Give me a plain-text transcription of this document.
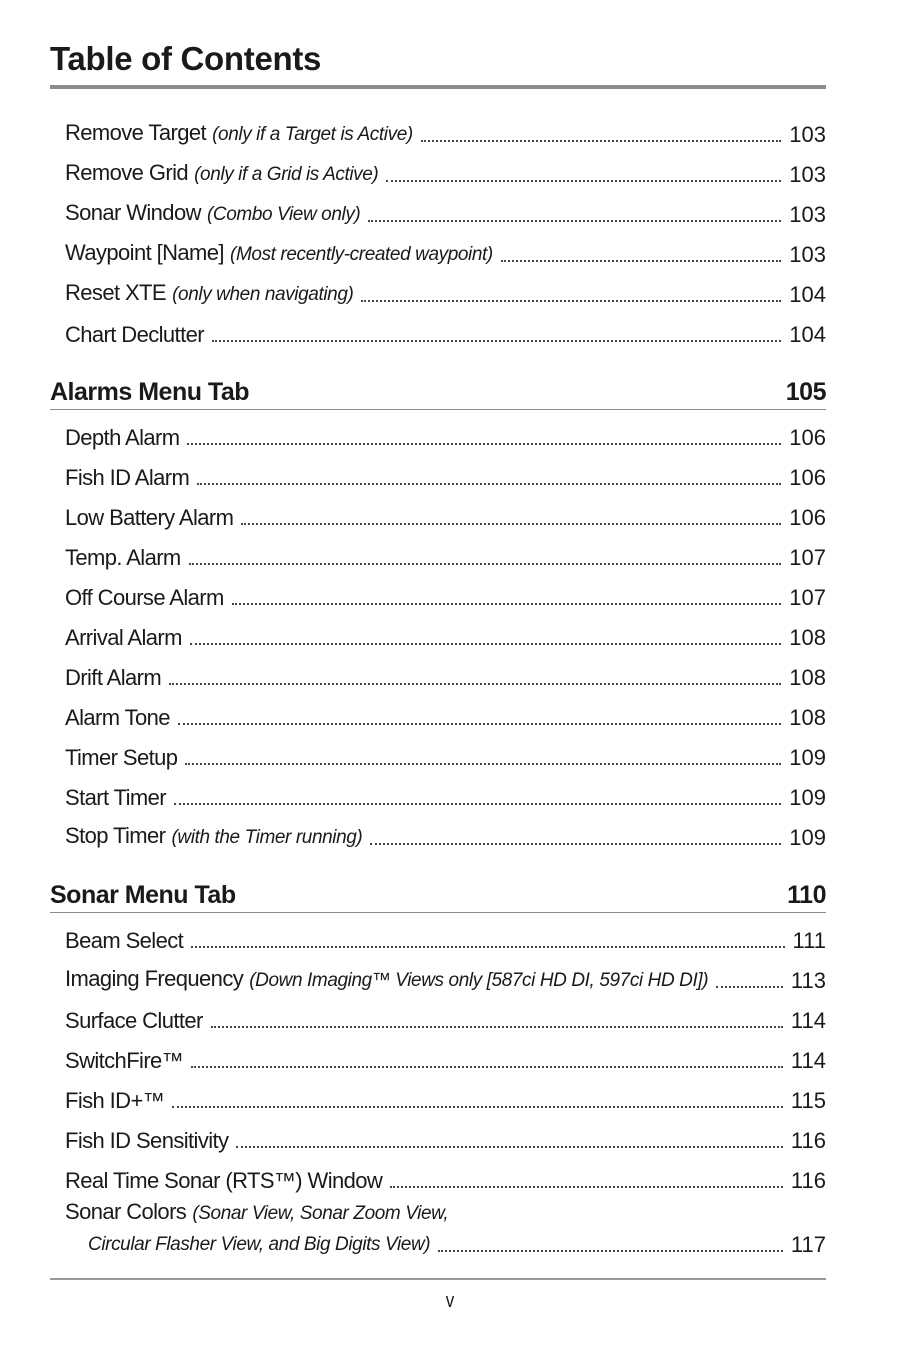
Table of Contents
Remove Target (only if a Target is Active)	103
Remove Grid (only if a Grid is Active)	103
Sonar Window (Combo View only)	103
Waypoint [Name] (Most recently-created waypoint)	103
Reset XTE (only when navigating)	104
Chart Declutter	104
Alarms Menu Tab	105
Depth Alarm	106
Fish ID Alarm	106
Low Battery Alarm	106
Temp. Alarm	107
Off Course Alarm	107
Arrival Alarm	108
Drift Alarm	108
Alarm Tone	108
Timer Setup	109
Start Timer	109
Stop Timer (with the Timer running)	109
Sonar Menu Tab	110
Beam Select	111
Imaging Frequency (Down Imaging™ Views only [587ci HD DI, 597ci HD DI])	113
Surface Clutter	114
SwitchFire™	114
Fish ID+™	115
Fish ID Sensitivity	116
Real Time Sonar (RTS™) Window	116
Sonar Colors (Sonar View, Sonar Zoom View,
Circular Flasher View, and Big Digits View)	117
v
